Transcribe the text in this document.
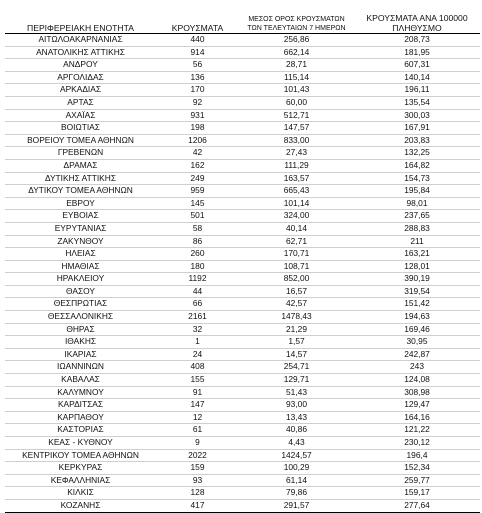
ΠΕΡΙΦΕΡΕΙΑΚΗ ΕΝΟΤΗΤΑ	ΚΡΟΥΣΜΑΤΑ	ΜΕΣΟΣ ΟΡΟΣ ΚΡΟΥΣΜΑΤΩΝ
ΤΩΝ ΤΕΛΕΥΤΑΙΩΝ 7 ΗΜΕΡΩΝ	ΚΡΟΥΣΜΑΤΑ ΑΝΑ 100000
ΠΛΗΘΥΣΜΟ

ΑΙΤΩΛΟΑΚΑΡΝΑΝΙΑΣ	440	256,86	208,73
ΑΝΑΤΟΛΙΚΗΣ ΑΤΤΙΚΗΣ	914	662,14	181,95
ΑΝΔΡΟΥ	56	28,71	607,31
ΑΡΓΟΛΙΔΑΣ	136	115,14	140,14
ΑΡΚΑΔΙΑΣ	170	101,43	196,11
ΑΡΤΑΣ	92	60,00	135,54
ΑΧΑΪΑΣ	931	512,71	300,03
ΒΟΙΩΤΙΑΣ	198	147,57	167,91
ΒΟΡΕΙΟΥ ΤΟΜΕΑ ΑΘΗΝΩΝ	1206	833,00	203,83
ΓΡΕΒΕΝΩΝ	42	27,43	132,25
ΔΡΑΜΑΣ	162	111,29	164,82
ΔΥΤΙΚΗΣ ΑΤΤΙΚΗΣ	249	163,57	154,73
ΔΥΤΙΚΟΥ ΤΟΜΕΑ ΑΘΗΝΩΝ	959	665,43	195,84
ΕΒΡΟΥ	145	101,14	98,01
ΕΥΒΟΙΑΣ	501	324,00	237,65
ΕΥΡΥΤΑΝΙΑΣ	58	40,14	288,83
ΖΑΚΥΝΘΟΥ	86	62,71	211
ΗΛΕΙΑΣ	260	170,71	163,21
ΗΜΑΘΙΑΣ	180	108,71	128,01
ΗΡΑΚΛΕΙΟΥ	1192	852,00	390,19
ΘΑΣΟΥ	44	16,57	319,54
ΘΕΣΠΡΩΤΙΑΣ	66	42,57	151,42
ΘΕΣΣΑΛΟΝΙΚΗΣ	2161	1478,43	194,63
ΘΗΡΑΣ	32	21,29	169,46
ΙΘΑΚΗΣ	1	1,57	30,95
ΙΚΑΡΙΑΣ	24	14,57	242,87
ΙΩΑΝΝΙΝΩΝ	408	254,71	243
ΚΑΒΑΛΑΣ	155	129,71	124,08
ΚΑΛΥΜΝΟΥ	91	51,43	308,98
ΚΑΡΔΙΤΣΑΣ	147	93,00	129,47
ΚΑΡΠΑΘΟΥ	12	13,43	164,16
ΚΑΣΤΟΡΙΑΣ	61	40,86	121,22
ΚΕΑΣ - ΚΥΘΝΟΥ	9	4,43	230,12
ΚΕΝΤΡΙΚΟΥ ΤΟΜΕΑ ΑΘΗΝΩΝ	2022	1424,57	196,4
ΚΕΡΚΥΡΑΣ	159	100,29	152,34
ΚΕΦΑΛΛΗΝΙΑΣ	93	61,14	259,77
ΚΙΛΚΙΣ	128	79,86	159,17
ΚΟΖΑΝΗΣ	417	291,57	277,64
